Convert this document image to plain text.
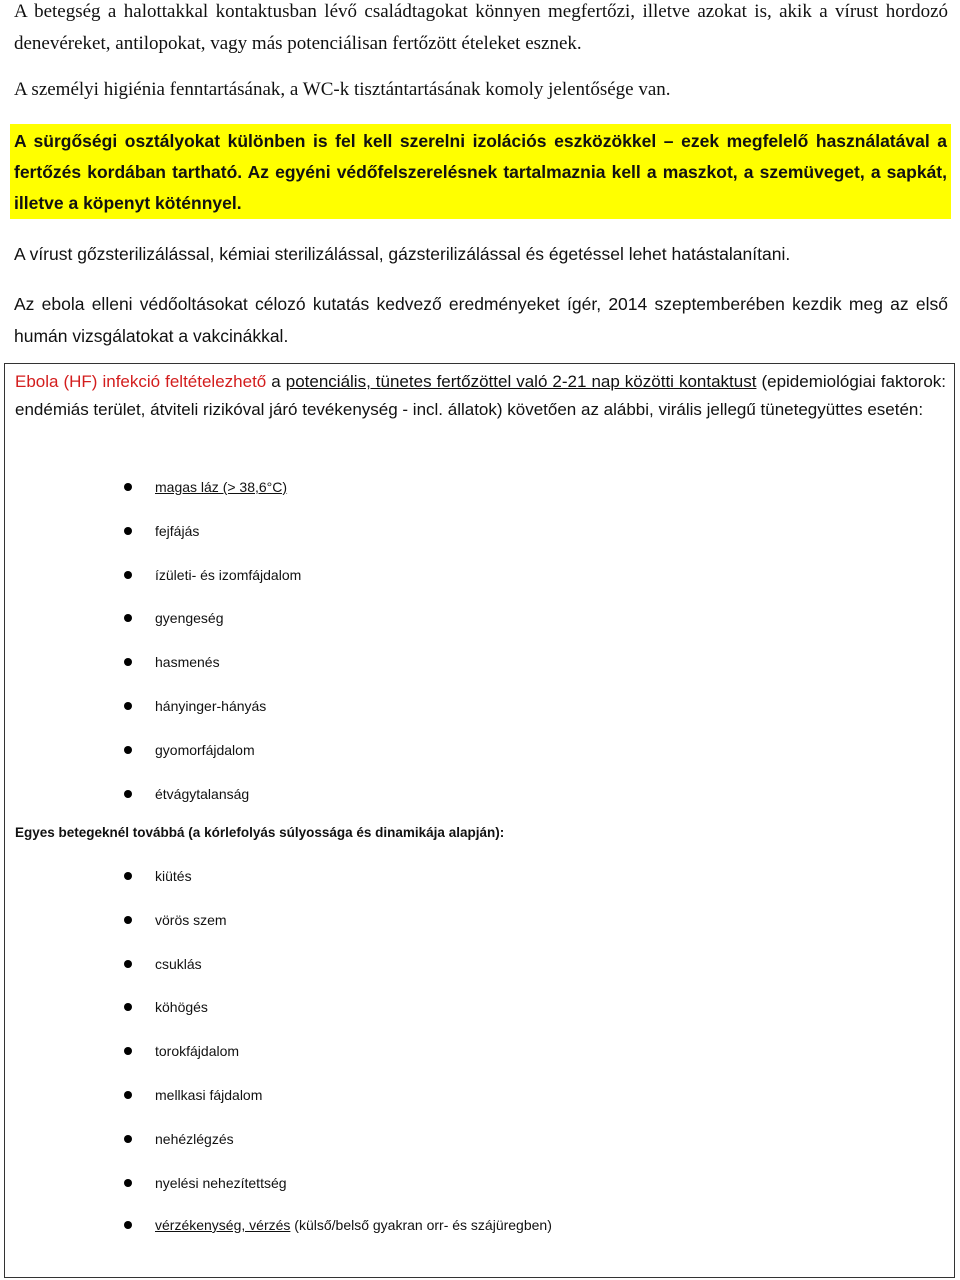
A betegség a halottakkal kontaktusban lévő családtagokat könnyen megfertőzi, illetve azokat is, akik a vírust hordozó denevéreket, antilopokat, vagy más potenciálisan fertőzött ételeket esznek.
A személyi higiénia fenntartásának, a WC-k tisztántartásának komoly jelentősége van.
A sürgőségi osztályokat különben is fel kell szerelni izolációs eszközökkel – ezek megfelelő használatával a fertőzés kordában tartható. Az egyéni védőfelszerelésnek tartalmaznia kell a maszkot, a szemüveget, a sapkát, illetve a köpenyt köténnyel.
A vírust gőzsterilizálással, kémiai sterilizálással, gázsterilizálással és égetéssel lehet hatástalanítani.
Az ebola elleni védőoltásokat célozó kutatás kedvező eredményeket ígér, 2014 szeptemberében kezdik meg az első humán vizsgálatokat a vakcinákkal.
Ebola (HF) infekció feltételezhető a potenciális, tünetes fertőzöttel való 2-21 nap közötti kontaktust (epidemiológiai faktorok: endémiás terület, átviteli rizikóval járó tevékenység - incl. állatok) követően az alábbi, virális jellegű tünetegyüttes esetén:
magas láz (> 38,6°C)
fejfájás
ízületi- és izomfájdalom
gyengeség
hasmenés
hányinger-hányás
gyomorfájdalom
étvágytalanság
Egyes betegeknél továbbá (a kórlefolyás súlyossága és dinamikája alapján):
kiütés
vörös szem
csuklás
köhögés
torokfájdalom
mellkasi fájdalom
nehézlégzés
nyelési nehezítettség
vérzékenység, vérzés (külső/belső gyakran orr- és szájüregben)
